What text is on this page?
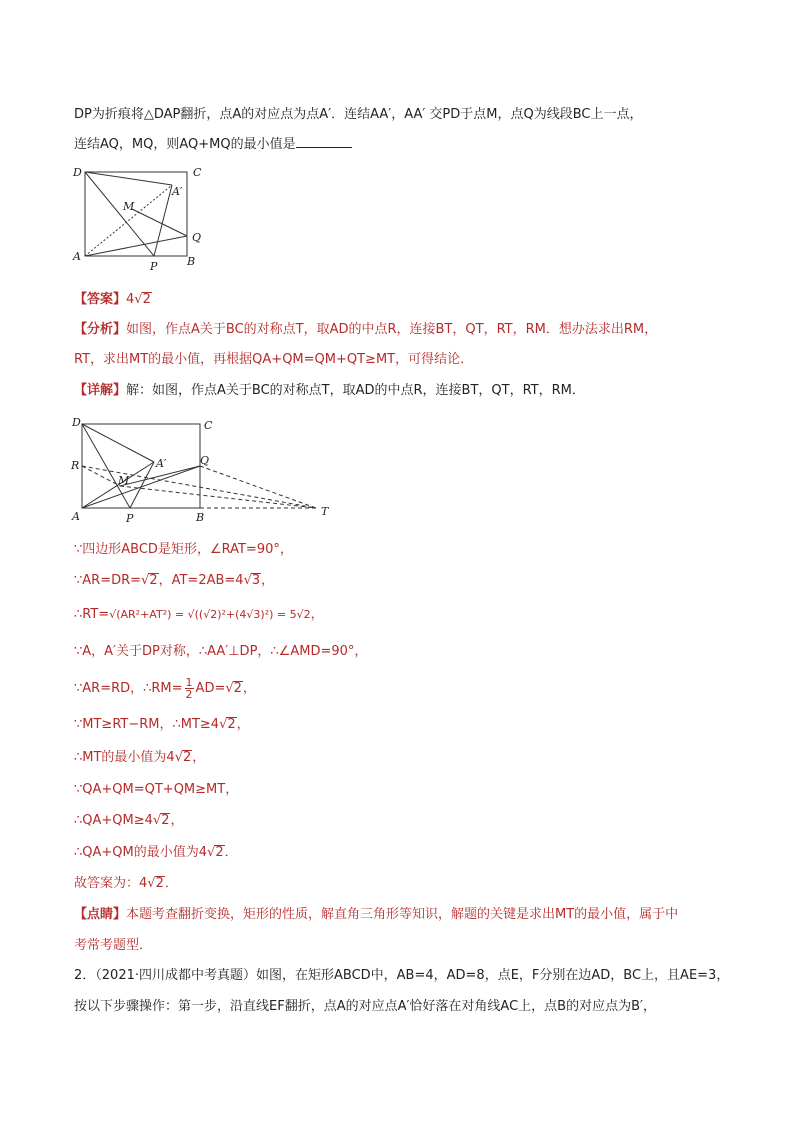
DP为折痕将△DAP翻折，点A的对应点为点A′．连结AA′，AA′ 交PD于点M，点Q为线段BC上一点，
连结AQ，MQ，则AQ+MQ的最小值是
D	C
A′
M
Q
A
P	B
【答案】4√2
【分析】如图，作点A关于BC的对称点T，取AD的中点R，连接BT，QT，RT，RM．想办法求出RM，
RT，求出MT的最小值，再根据QA+QM=QM+QT≥MT，可得结论．
【详解】解：如图，作点A关于BC的对称点T，取AD的中点R，连接BT，QT，RT，RM．
D	C
A′
R	Q
M
A	P	B	T
∵四边形ABCD是矩形，∠RAT=90°，
∵AR=DR=√2，AT=2AB=4√3，
∴RT=√(AR²+AT²) = √((√2)²+(4√3)²) = 5√2，
∵A，A′关于DP对称，∴AA′⊥DP，∴∠AMD=90°，
∵AR=RD，∴RM= $\frac{1}{2} AD=√2$，
∵MT≥RT−RM，∴MT≥4√2，
∴MT的最小值为4√2，
∵QA+QM=QT+QM≥MT，
∴QA+QM≥4√2，
∴QA+QM的最小值为4√2．
故答案为：4√2．
【点睛】本题考查翻折变换，矩形的性质，解直角三角形等知识，解题的关键是求出MT的最小值，属于中
考常考题型．
2．（2021·四川成都中考真题）如图，在矩形ABCD中，AB=4，AD=8，点E，F分别在边AD，BC上，且AE=3，
按以下步骤操作：第一步，沿直线EF翻折，点A的对应点A′恰好落在对角线AC上，点B的对应点为B′，
